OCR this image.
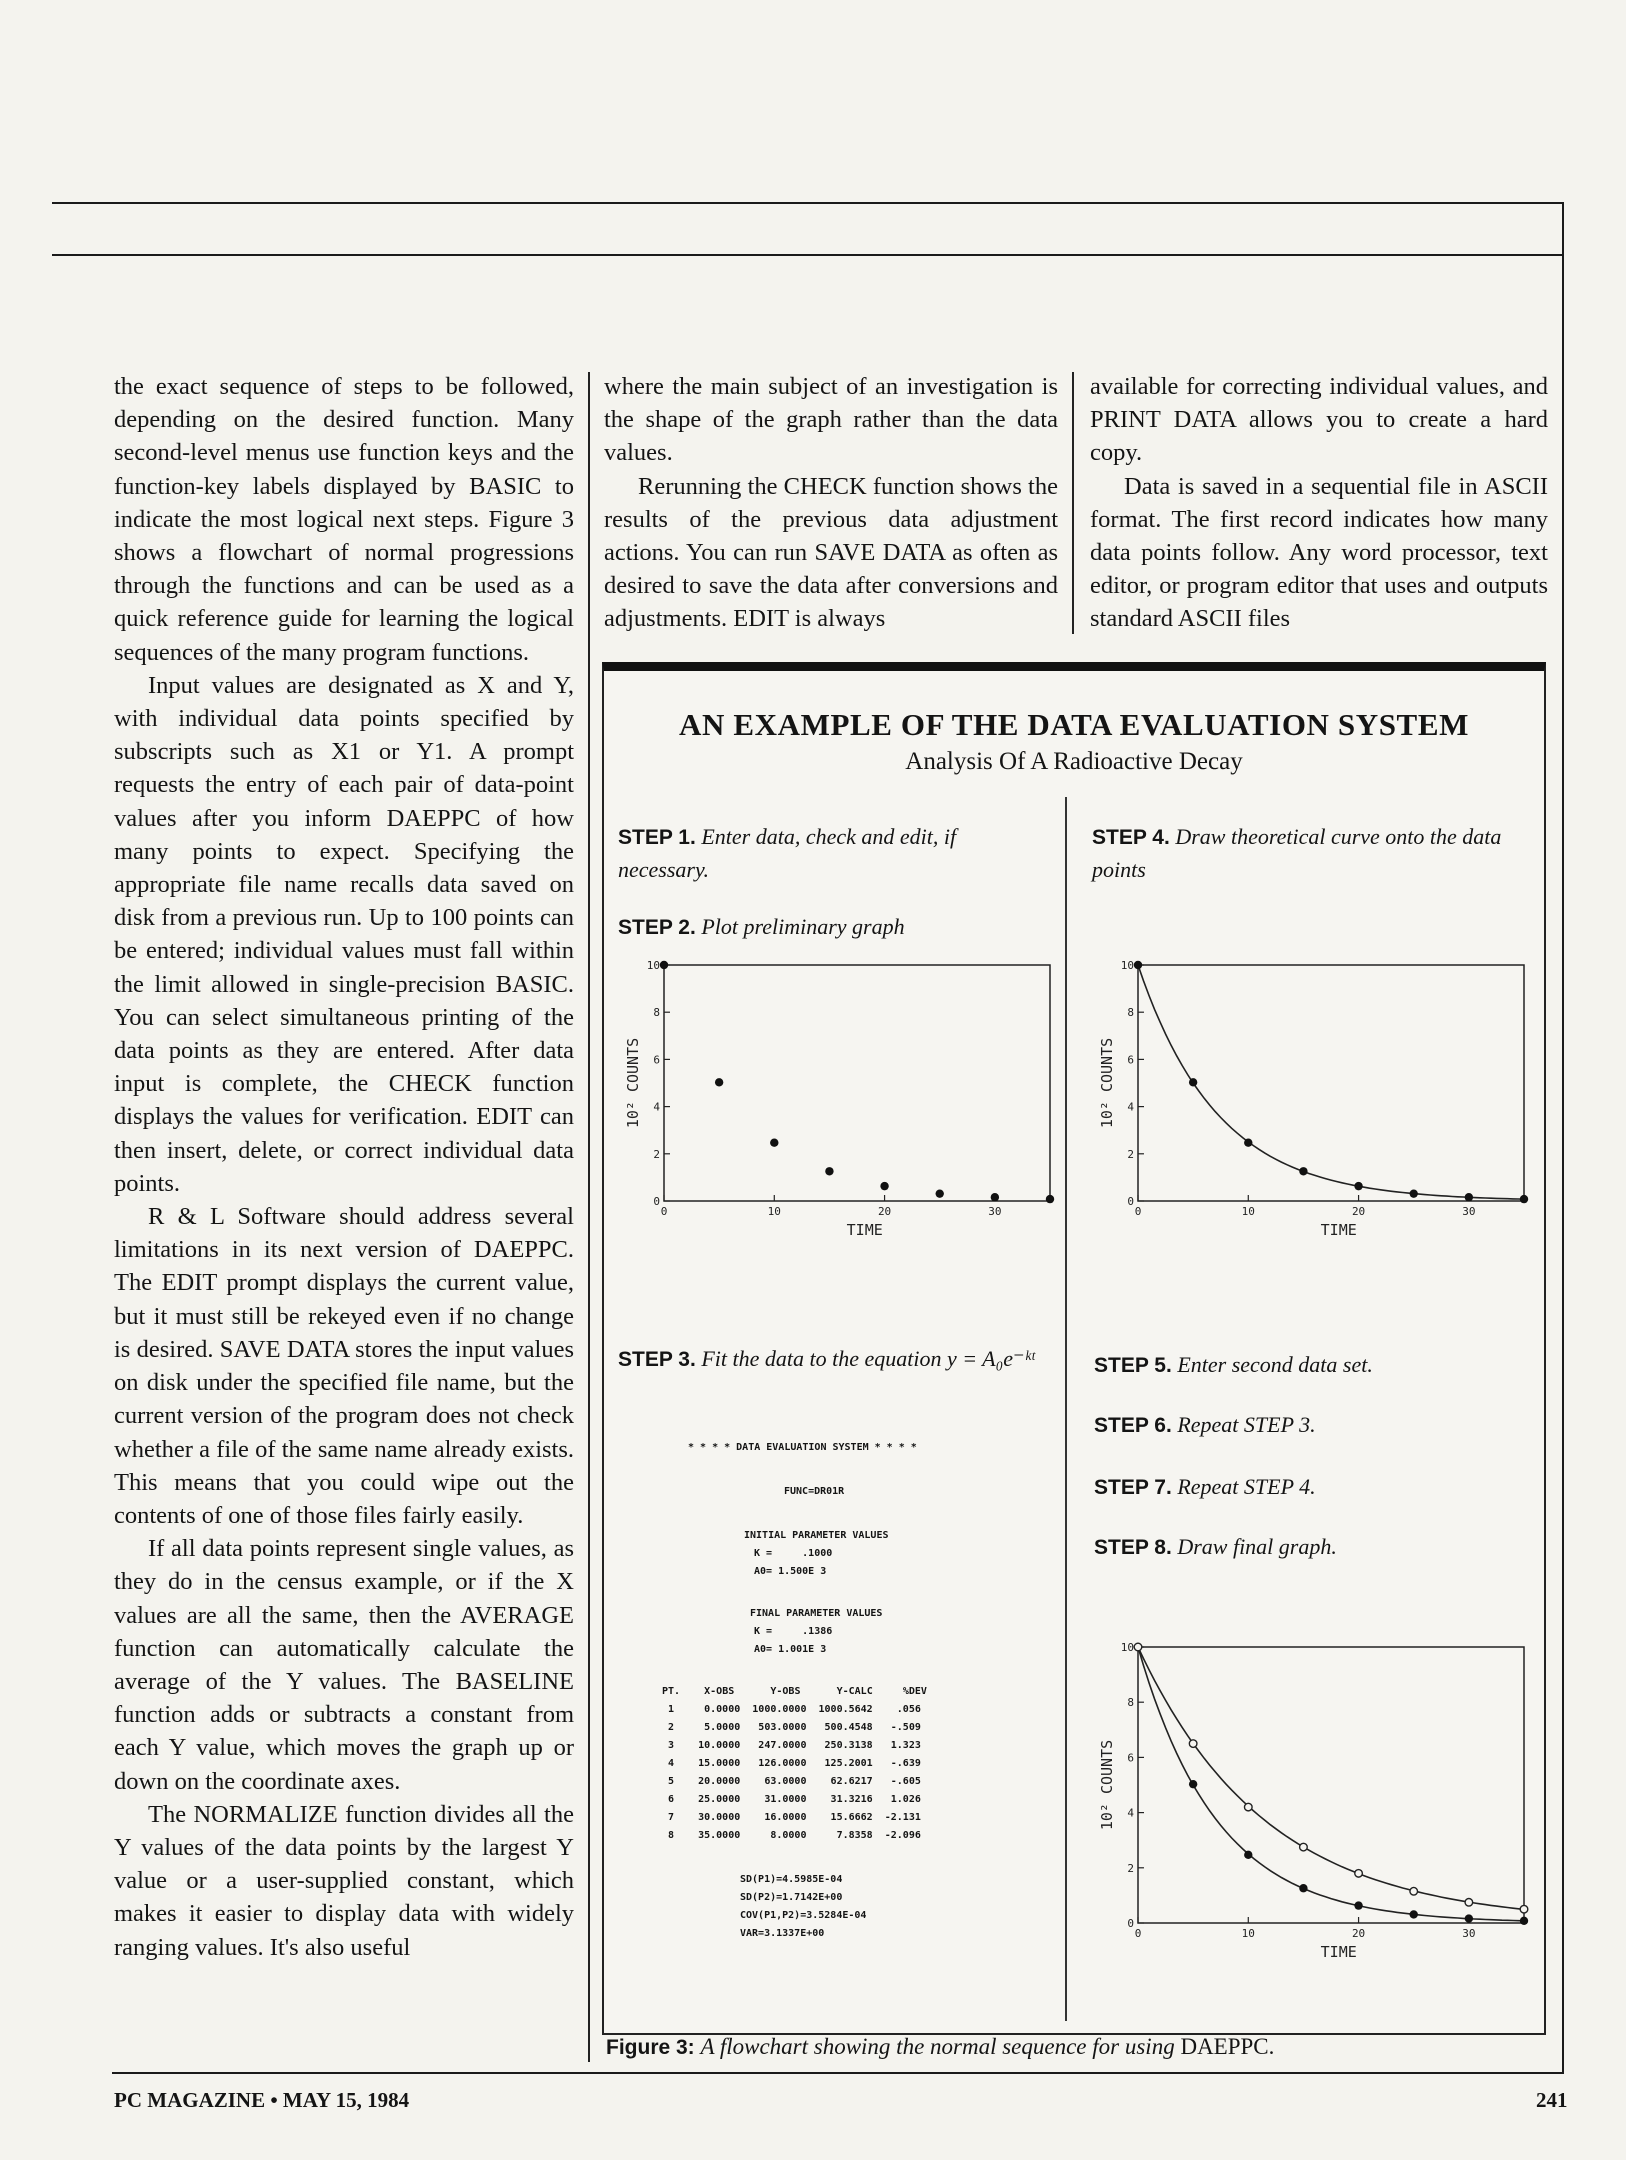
the exact sequence of steps to be followed, depending on the desired function. Many second-level menus use function keys and the function-key labels displayed by BASIC to indicate the most logical next steps. Figure 3 shows a flowchart of normal progressions through the functions and can be used as a quick reference guide for learning the logical sequences of the many program functions.

Input values are designated as X and Y, with individual data points specified by subscripts such as X1 or Y1. A prompt requests the entry of each pair of data-point values after you inform DAEPPC of how many points to expect. Specifying the appropriate file name recalls data saved on disk from a previous run. Up to 100 points can be entered; individual values must fall within the limit allowed in single-precision BASIC. You can select simultaneous printing of the data points as they are entered. After data input is complete, the CHECK function displays the values for verification. EDIT can then insert, delete, or correct individual data points.

R & L Software should address several limitations in its next version of DAEPPC. The EDIT prompt displays the current value, but it must still be rekeyed even if no change is desired. SAVE DATA stores the input values on disk under the specified file name, but the current version of the program does not check whether a file of the same name already exists. This means that you could wipe out the contents of one of those files fairly easily.

If all data points represent single values, as they do in the census example, or if the X values are all the same, then the AVERAGE function can automatically calculate the average of the Y values. The BASELINE function adds or subtracts a constant from each Y value, which moves the graph up or down on the coordinate axes.

The NORMALIZE function divides all the Y values of the data points by the largest Y value or a user-supplied constant, which makes it easier to display data with widely ranging values. It's also useful

where the main subject of an investigation is the shape of the graph rather than the data values.

Rerunning the CHECK function shows the results of the previous data adjustment actions. You can run SAVE DATA as often as desired to save the data after conversions and adjustments. EDIT is always

available for correcting individual values, and PRINT DATA allows you to create a hard copy.

Data is saved in a sequential file in ASCII format. The first record indicates how many data points follow. Any word processor, text editor, or program editor that uses and outputs standard ASCII files

AN EXAMPLE OF THE DATA EVALUATION SYSTEM
Analysis Of A Radioactive Decay
STEP 1. Enter data, check and edit, if necessary.
STEP 2. Plot preliminary graph
STEP 3. Fit the data to the equation y = A₀e⁻ᵏᵗ
STEP 4. Draw theoretical curve onto the data points
STEP 5. Enter second data set.
STEP 6. Repeat STEP 3.
STEP 7. Repeat STEP 4.
STEP 8. Draw final graph.
0
2
4
6
8
10
0	10	20	30
TIME
10² COUNTS
0
2
4
6
8
10
0	10	20	30
TIME
10² COUNTS
0
2
4
6
8
10
0	10	20	30
TIME
10² COUNTS
* * * * DATA EVALUATION SYSTEM * * * *
FUNC=DR01R
INITIAL PARAMETER VALUES
K =     .1000
A0= 1.500E 3
FINAL PARAMETER VALUES
K =     .1386
A0= 1.001E 3
PT.    X-OBS      Y-OBS      Y-CALC     %DEV
1     0.0000  1000.0000  1000.5642    .056
2     5.0000   503.0000   500.4548   -.509
3    10.0000   247.0000   250.3138   1.323
4    15.0000   126.0000   125.2001   -.639
5    20.0000    63.0000    62.6217   -.605
6    25.0000    31.0000    31.3216   1.026
7    30.0000    16.0000    15.6662  -2.131
8    35.0000     8.0000     7.8358  -2.096
SD(P1)=4.5985E-04
SD(P2)=1.7142E+00
COV(P1,P2)=3.5284E-04
VAR=3.1337E+00
Figure 3: A flowchart showing the normal sequence for using DAEPPC.
PC MAGAZINE • MAY 15, 1984	241
